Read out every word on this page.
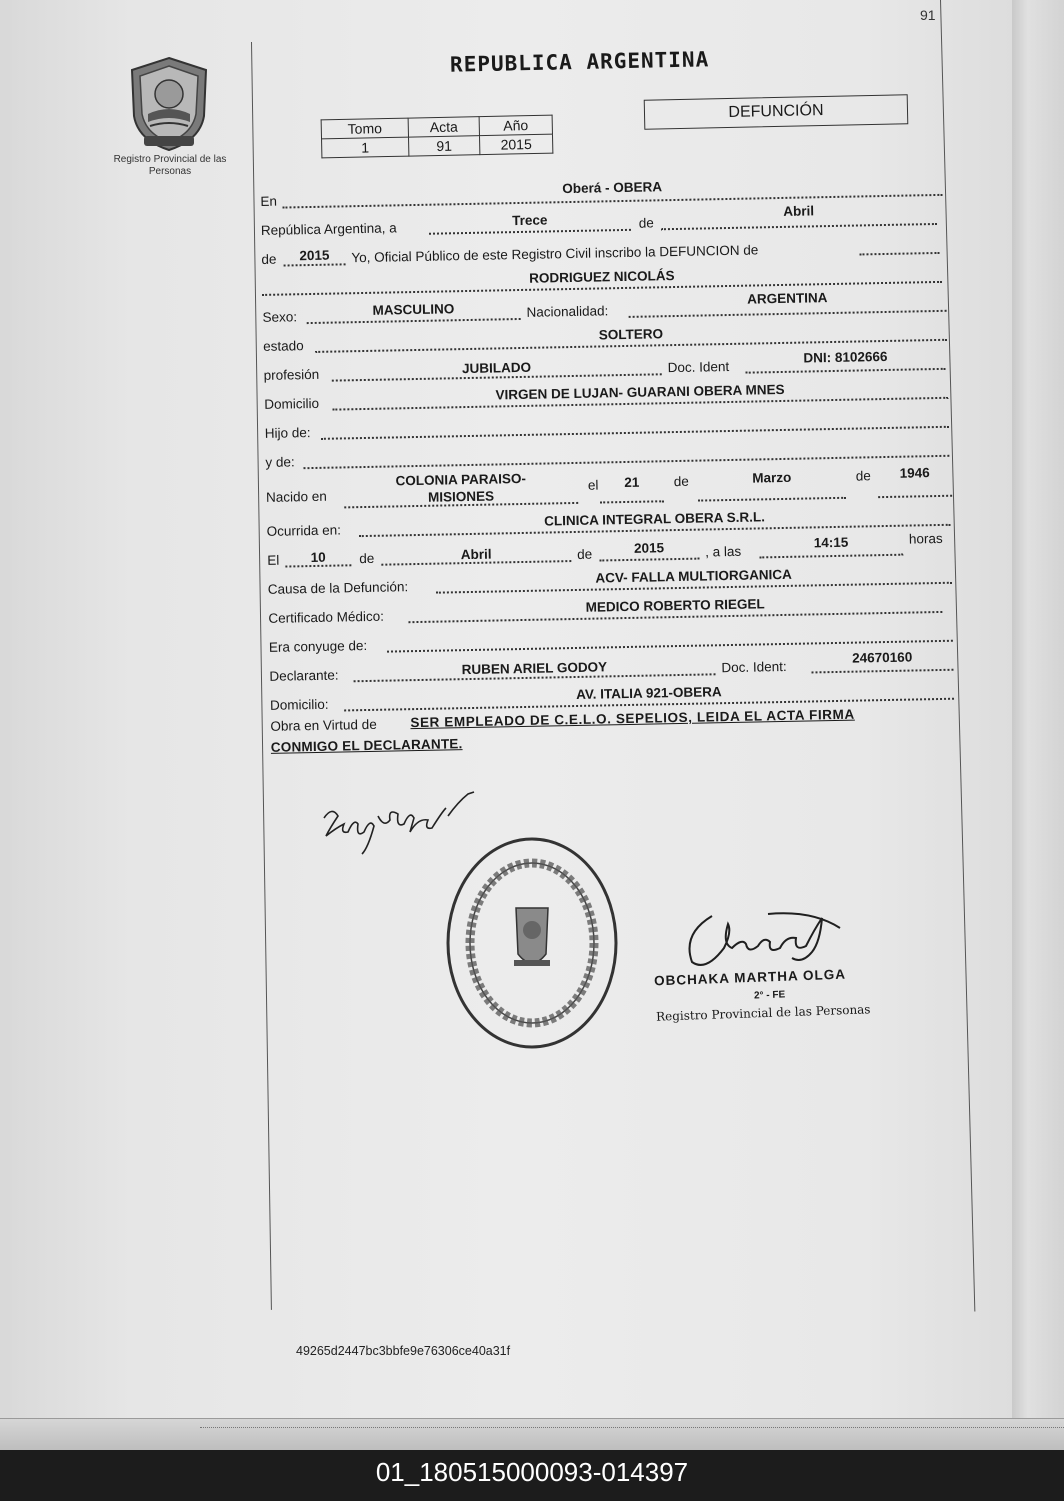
91
Registro Provincial de las Personas
REPUBLICA ARGENTINA
Tomo	Acta	Año
1	91	2015
DEFUNCIÓN
En
Oberá - OBERA
República Argentina, a
Trece	de
Abril
de	2015	Yo, Oficial Público de este Registro Civil inscribo la DEFUNCION de
RODRIGUEZ NICOLÁS
Sexo:	MASCULINO	Nacionalidad:
ARGENTINA
estado
SOLTERO
profesión	JUBILADO	Doc. Ident
DNI: 8102666
Domicilio
VIRGEN DE LUJAN- GUARANI OBERA MNES
Hijo de:
y de:
Nacido en
COLONIA PARAISO-
MISIONES
el	21	de	Marzo	de	1946
Ocurrida en:
CLINICA INTEGRAL OBERA S.R.L.
El	10	de	Abril	de	2015	, a las
14:15	horas
Causa de la Defunción:
ACV- FALLA MULTIORGANICA
Certificado Médico:
MEDICO ROBERTO RIEGEL
Era conyuge de:
Declarante:	RUBEN ARIEL GODOY	Doc. Ident:
24670160
Domicilio:
AV. ITALIA 921-OBERA
Obra en Virtud de SER EMPLEADO DE C.E.L.O. SEPELIOS, LEIDA EL ACTA FIRMA
CONMIGO EL DECLARANTE.
OBCHAKA MARTHA OLGA
2° - FE
Registro Provincial de las Personas
49265d2447bc3bbfe9e76306ce40a31f
01_180515000093-014397
